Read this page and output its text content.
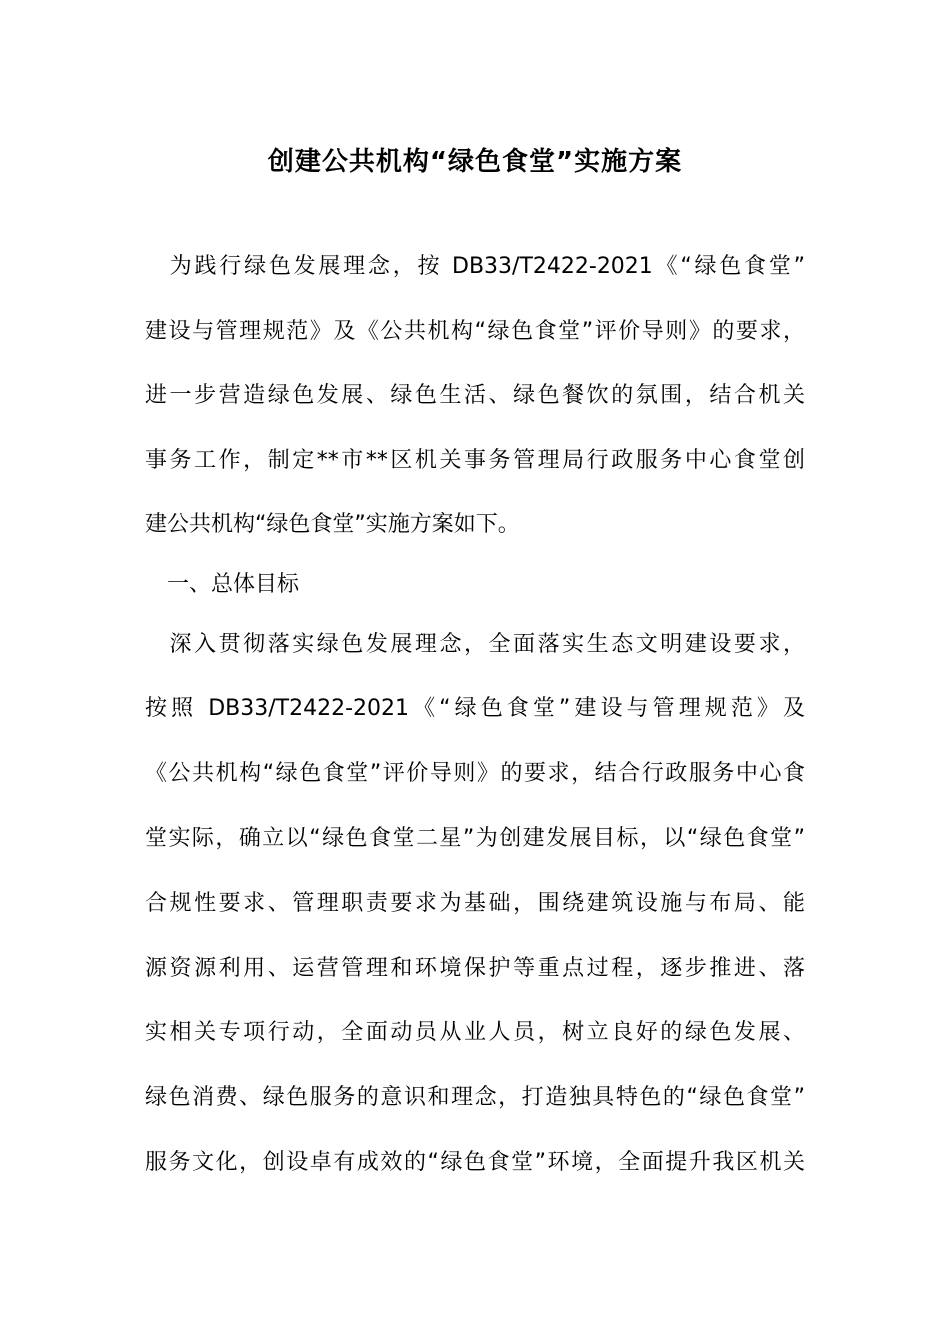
创建公共机构“绿色食堂”实施方案
　为践行绿色发展理念，按 DB33/T2422-2021《“绿色食堂”
建设与管理规范》及《公共机构“绿色食堂”评价导则》的要求，
进一步营造绿色发展、绿色生活、绿色餐饮的氛围，结合机关
事务工作，制定**市**区机关事务管理局行政服务中心食堂创
建公共机构“绿色食堂”实施方案如下。
　一、总体目标
　深入贯彻落实绿色发展理念，全面落实生态文明建设要求，
按照 DB33/T2422-2021《“绿色食堂”建设与管理规范》及
《公共机构“绿色食堂”评价导则》的要求，结合行政服务中心食
堂实际，确立以“绿色食堂二星”为创建发展目标，以“绿色食堂”
合规性要求、管理职责要求为基础，围绕建筑设施与布局、能
源资源利用、运营管理和环境保护等重点过程，逐步推进、落
实相关专项行动，全面动员从业人员，树立良好的绿色发展、
绿色消费、绿色服务的意识和理念，打造独具特色的“绿色食堂”
服务文化，创设卓有成效的“绿色食堂”环境，全面提升我区机关
